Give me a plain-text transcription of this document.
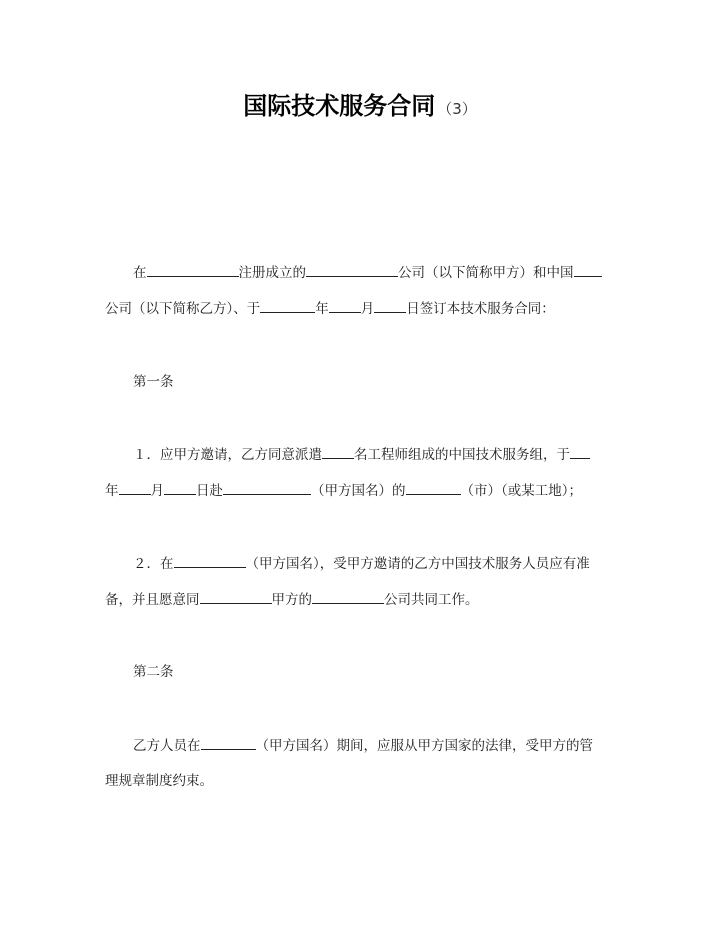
国际技术服务合同 （3）
在	注册成立的	公司（以下简称甲方）和中国
公司（以下简称乙方）、于	年 月 日签订本技术服务合同：
第一条
１．应甲方邀请，乙方同意派遣 名工程师组成的中国技术服务组，于
年 月 日赴	（甲方国名）的	（市）（或某工地）；
２．在	（甲方国名），受甲方邀请的乙方中国技术服务人员应有准
备，并且愿意同	甲方的	公司共同工作。
第二条
乙方人员在	（甲方国名）期间，应服从甲方国家的法律，受甲方的管
理规章制度约束。
